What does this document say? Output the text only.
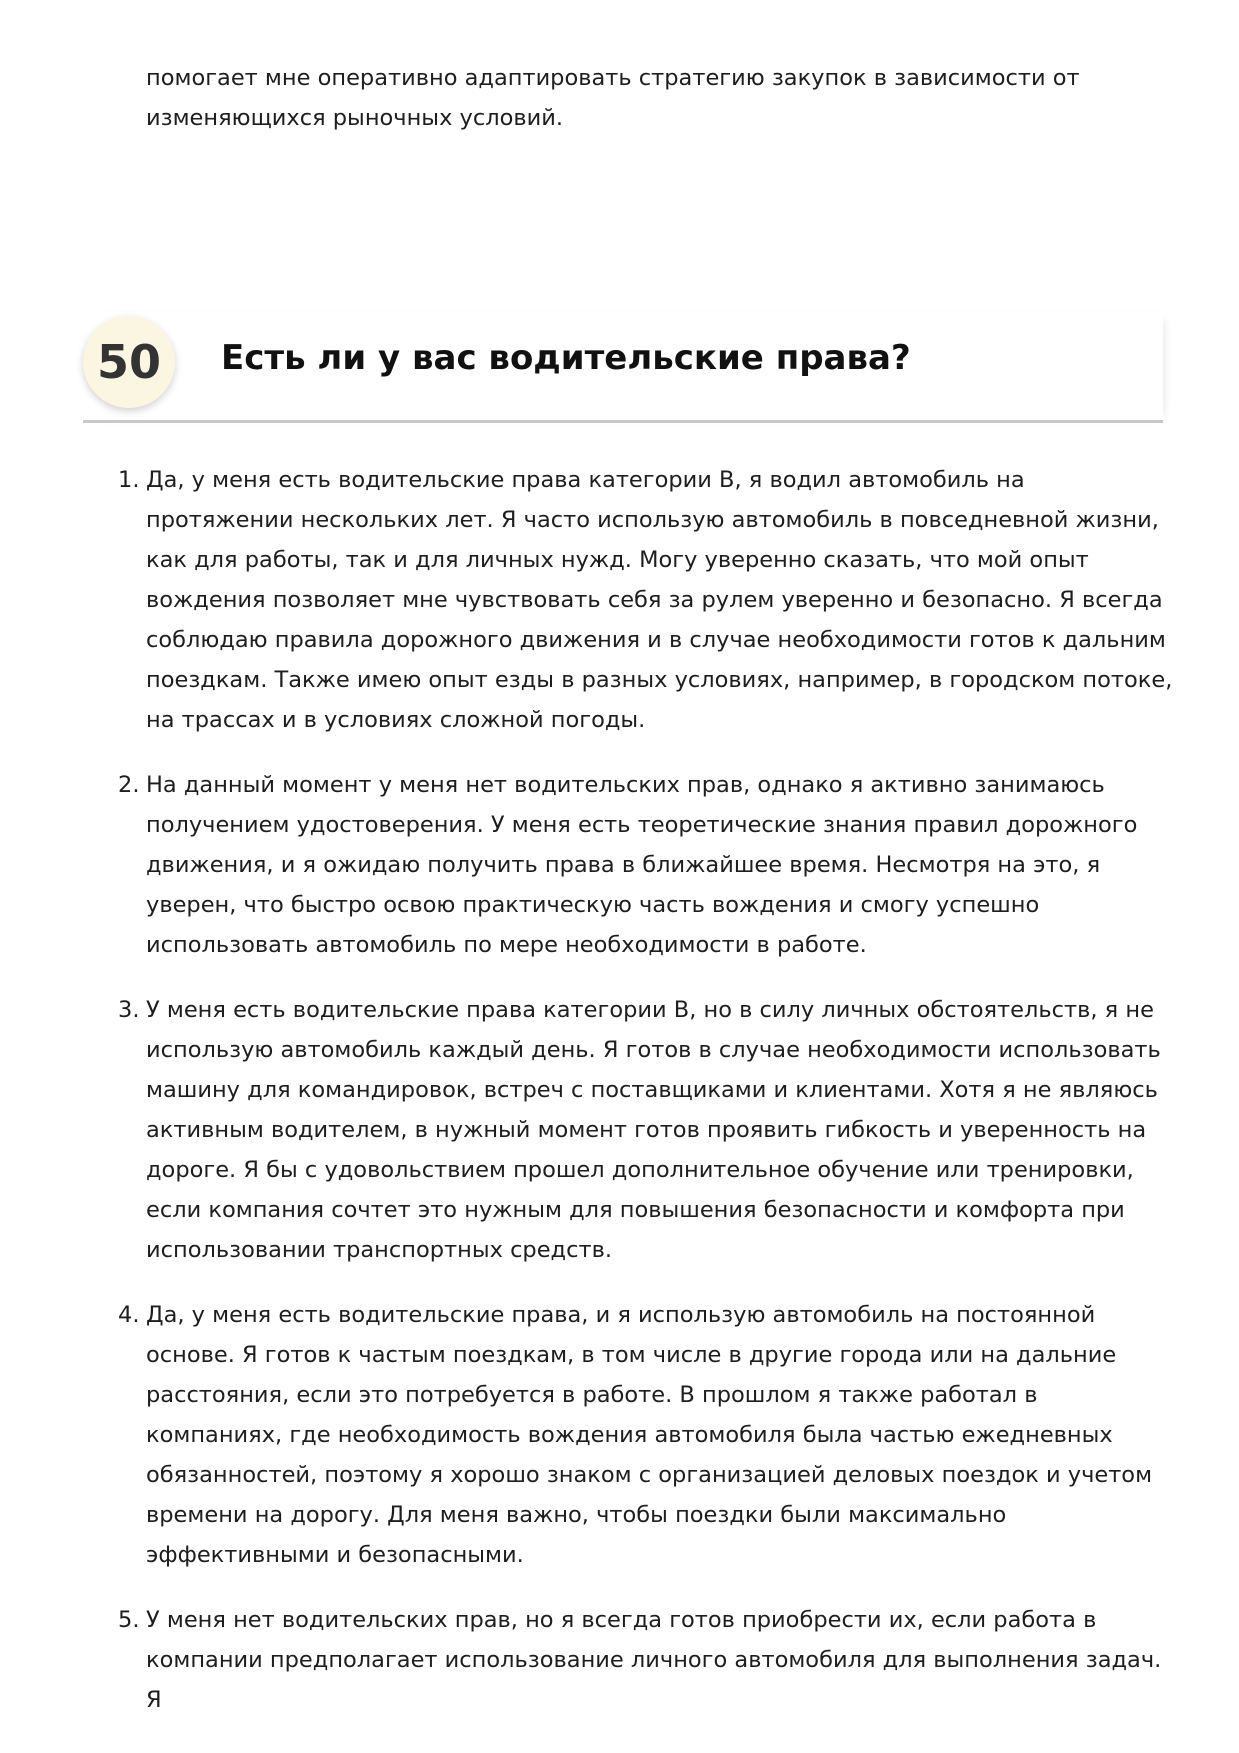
помогает мне оперативно адаптировать стратегию закупок в зависимости от изменяющихся рыночных условий.

50	Есть ли у вас водительские права?
1. Да, у меня есть водительские права категории B, я водил автомобиль на протяжении нескольких лет. Я часто использую автомобиль в повседневной жизни, как для работы, так и для личных нужд. Могу уверенно сказать, что мой опыт вождения позволяет мне чувствовать себя за рулем уверенно и безопасно. Я всегда соблюдаю правила дорожного движения и в случае необходимости готов к дальним поездкам. Также имею опыт езды в разных условиях, например, в городском потоке, на трассах и в условиях сложной погоды.
2. На данный момент у меня нет водительских прав, однако я активно занимаюсь получением удостоверения. У меня есть теоретические знания правил дорожного движения, и я ожидаю получить права в ближайшее время. Несмотря на это, я уверен, что быстро освою практическую часть вождения и смогу успешно использовать автомобиль по мере необходимости в работе.
3. У меня есть водительские права категории B, но в силу личных обстоятельств, я не использую автомобиль каждый день. Я готов в случае необходимости использовать машину для командировок, встреч с поставщиками и клиентами. Хотя я не являюсь активным водителем, в нужный момент готов проявить гибкость и уверенность на дороге. Я бы с удовольствием прошел дополнительное обучение или тренировки, если компания сочтет это нужным для повышения безопасности и комфорта при использовании транспортных средств.
4. Да, у меня есть водительские права, и я использую автомобиль на постоянной основе. Я готов к частым поездкам, в том числе в другие города или на дальние расстояния, если это потребуется в работе. В прошлом я также работал в компаниях, где необходимость вождения автомобиля была частью ежедневных обязанностей, поэтому я хорошо знаком с организацией деловых поездок и учетом времени на дорогу. Для меня важно, чтобы поездки были максимально эффективными и безопасными.
5. У меня нет водительских прав, но я всегда готов приобрести их, если работа в компании предполагает использование личного автомобиля для выполнения задач. Я
